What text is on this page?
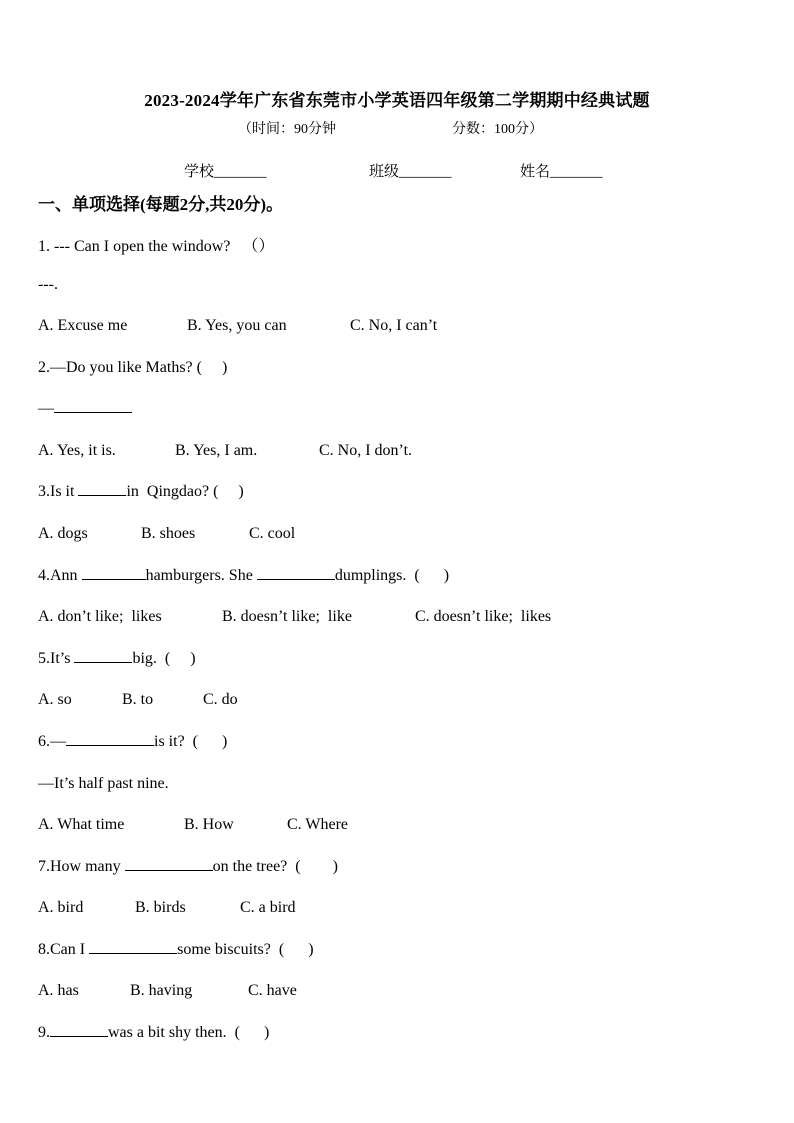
2023-2024学年广东省东莞市小学英语四年级第二学期期中经典试题
（时间：90分钟	分数：100分）
学校_______	班级_______	姓名_______
一、单项选择(每题2分,共20分)。
1. --- Can I open the window?   （）
---.
A. Excuse me	B. Yes, you can	C. No, I can’t
2.—Do you like Maths? (     )
—
A. Yes, it is.	B. Yes, I am.	C. No, I don’t.
3.Is it	in  Qingdao? (     )
A. dogs	B. shoes	C. cool
4.Ann	hamburgers. She	dumplings.  (      )
A. don’t like;  likes	B. doesn’t like;  like	C. doesn’t like;  likes
5.It’s	big.  (     )
A. so	B. to	C. do
6.—	is it?  (      )
—It’s half past nine.
A. What time	B. How	C. Where
7.How many	on the tree?  (        )
A. bird	B. birds	C. a bird
8.Can I	some biscuits?  (      )
A. has	B. having	C. have
9.	was a bit shy then.  (      )
